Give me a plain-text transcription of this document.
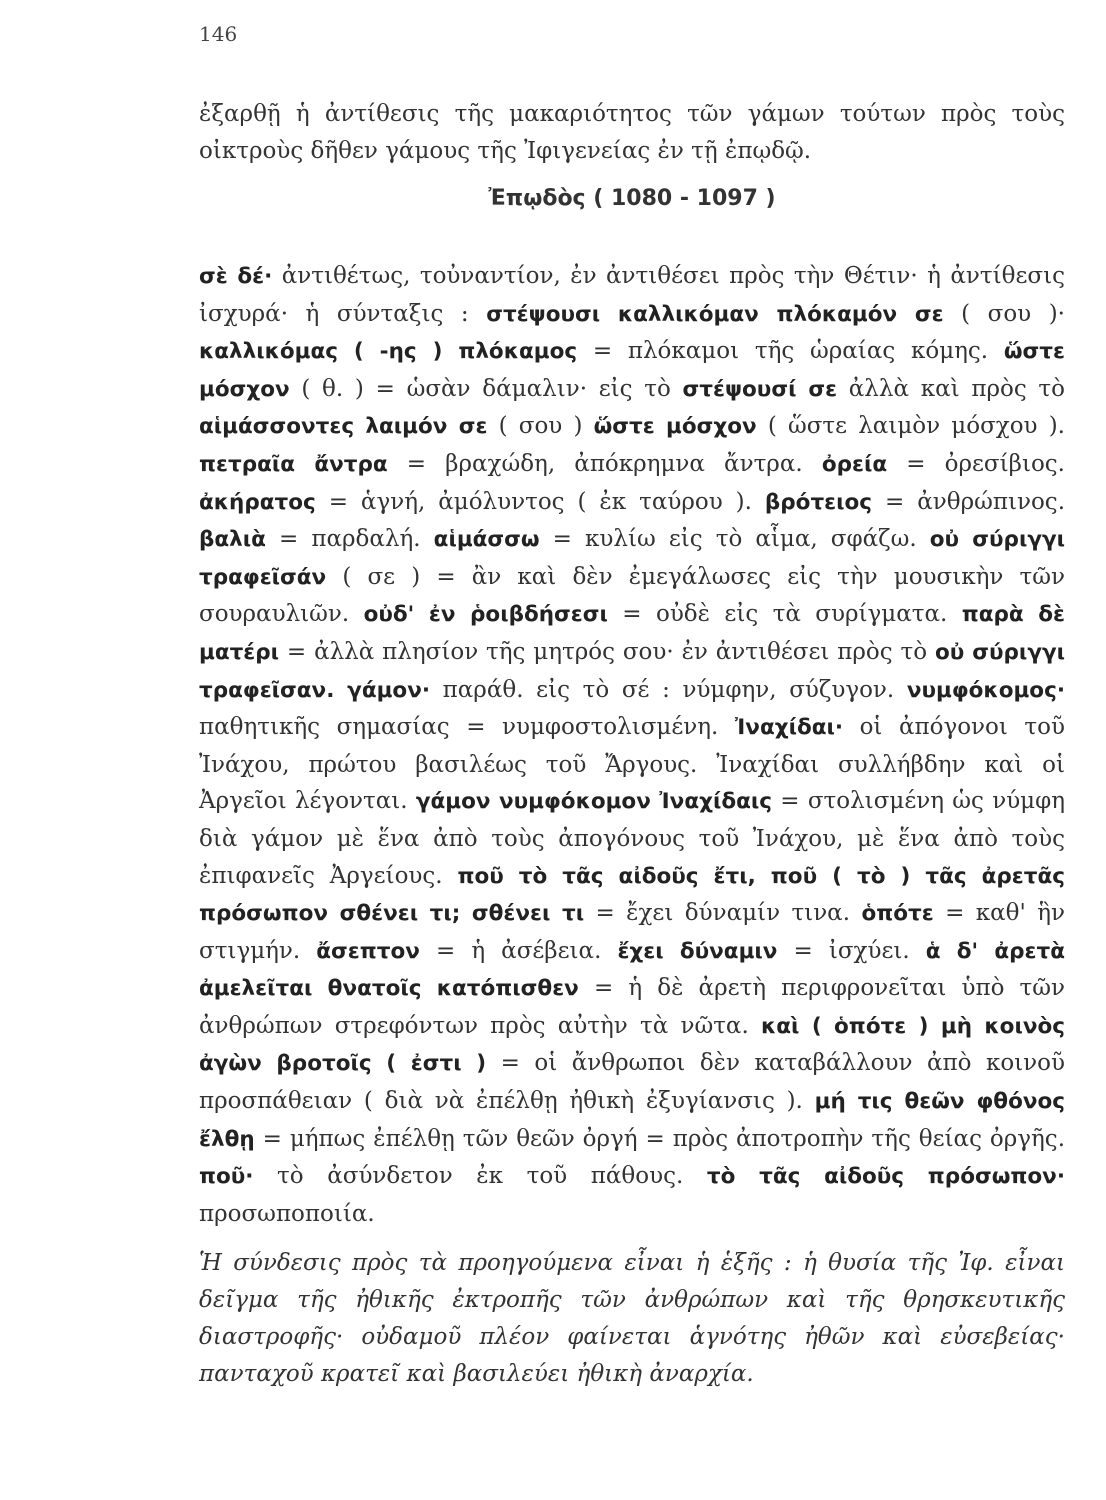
146

ἐξαρθῇ ἡ ἀντίθεσις τῆς μακαριότητος τῶν γάμων τούτων πρὸς τοὺς οἰκτροὺς δῆθεν γάμους τῆς Ἰφιγενείας ἐν τῇ ἐπῳδῷ.

Ἐπῳδὸς ( 1080 - 1097 )

σὲ δέ· ἀντιθέτως, τοὐναντίον, ἐν ἀντιθέσει πρὸς τὴν Θέτιν· ἡ ἀντίθεσις ἰσχυρά· ἡ σύνταξις : στέψουσι καλλικόμαν πλόκαμόν σε ( σου )· καλλικόμας ( -ης ) πλόκαμος = πλόκαμοι τῆς ὡραίας κόμης. ὥστε μόσχον ( θ. ) = ὡσὰν δάμαλιν· εἰς τὸ στέψουσί σε ἀλλὰ καὶ πρὸς τὸ αἱμάσσοντες λαιμόν σε ( σου ) ὥστε μόσχον ( ὥστε λαιμὸν μόσχου ). πετραῖα ἄντρα = βραχώδη, ἀπόκρημνα ἄντρα. ὀρεία = ὀρεσίβιος. ἀκήρατος = ἁγνή, ἀμόλυντος ( ἐκ ταύρου ). βρότειος = ἀνθρώπινος. βαλιὰ = παρδαλή. αἱμάσσω = κυλίω εἰς τὸ αἷμα, σφάζω. οὐ σύριγγι τραφεῖσάν ( σε ) = ἂν καὶ δὲν ἐμεγάλωσες εἰς τὴν μουσικὴν τῶν σουραυλιῶν. οὐδ' ἐν ῥοιβδήσεσι = οὐδὲ εἰς τὰ συρίγματα. παρὰ δὲ ματέρι = ἀλλὰ πλησίον τῆς μητρός σου· ἐν ἀντιθέσει πρὸς τὸ οὐ σύριγγι τραφεῖσαν. γάμον· παράθ. εἰς τὸ σέ : νύμφην, σύζυγον. νυμφόκομος· παθητικῆς σημασίας = νυμφοστολισμένη. Ἰναχίδαι· οἱ ἀπόγονοι τοῦ Ἰνάχου, πρώτου βασιλέως τοῦ Ἄργους. Ἰναχίδαι συλλήβδην καὶ οἱ Ἀργεῖοι λέγονται. γάμον νυμφόκομον Ἰναχίδαις = στολισμένη ὡς νύμφη διὰ γάμον μὲ ἕνα ἀπὸ τοὺς ἀπογόνους τοῦ Ἰνάχου, μὲ ἕνα ἀπὸ τοὺς ἐπιφανεῖς Ἀργείους. ποῦ τὸ τᾶς αἰδοῦς ἔτι, ποῦ ( τὸ ) τᾶς ἀρετᾶς πρόσωπον σθένει τι; σθένει τι = ἔχει δύναμίν τινα. ὁπότε = καθ' ἣν στιγμήν. ἄσεπτον = ἡ ἀσέβεια. ἔχει δύναμιν = ἰσχύει. ἁ δ' ἀρετὰ ἀμελεῖται θνατοῖς κατόπισθεν = ἡ δὲ ἀρετὴ περιφρονεῖται ὑπὸ τῶν ἀνθρώπων στρεφόντων πρὸς αὐτὴν τὰ νῶτα. καὶ ( ὁπότε ) μὴ κοινὸς ἀγὼν βροτοῖς ( ἐστι ) = οἱ ἄνθρωποι δὲν καταβάλλουν ἀπὸ κοινοῦ προσπάθειαν ( διὰ νὰ ἐπέλθῃ ἠθικὴ ἐξυγίανσις ). μή τις θεῶν φθόνος ἔλθῃ = μήπως ἐπέλθῃ τῶν θεῶν ὀργή = πρὸς ἀποτροπὴν τῆς θείας ὀργῆς. ποῦ· τὸ ἀσύνδετον ἐκ τοῦ πάθους. τὸ τᾶς αἰδοῦς πρόσωπον· προσωποποιία.

Ἡ σύνδεσις πρὸς τὰ προηγούμενα εἶναι ἡ ἑξῆς : ἡ θυσία τῆς Ἰφ. εἶναι δεῖγμα τῆς ἠθικῆς ἐκτροπῆς τῶν ἀνθρώπων καὶ τῆς θρησκευτικῆς διαστροφῆς· οὐδαμοῦ πλέον φαίνεται ἁγνότης ἠθῶν καὶ εὐσεβείας· πανταχοῦ κρατεῖ καὶ βασιλεύει ἠθικὴ ἀναρχία.
